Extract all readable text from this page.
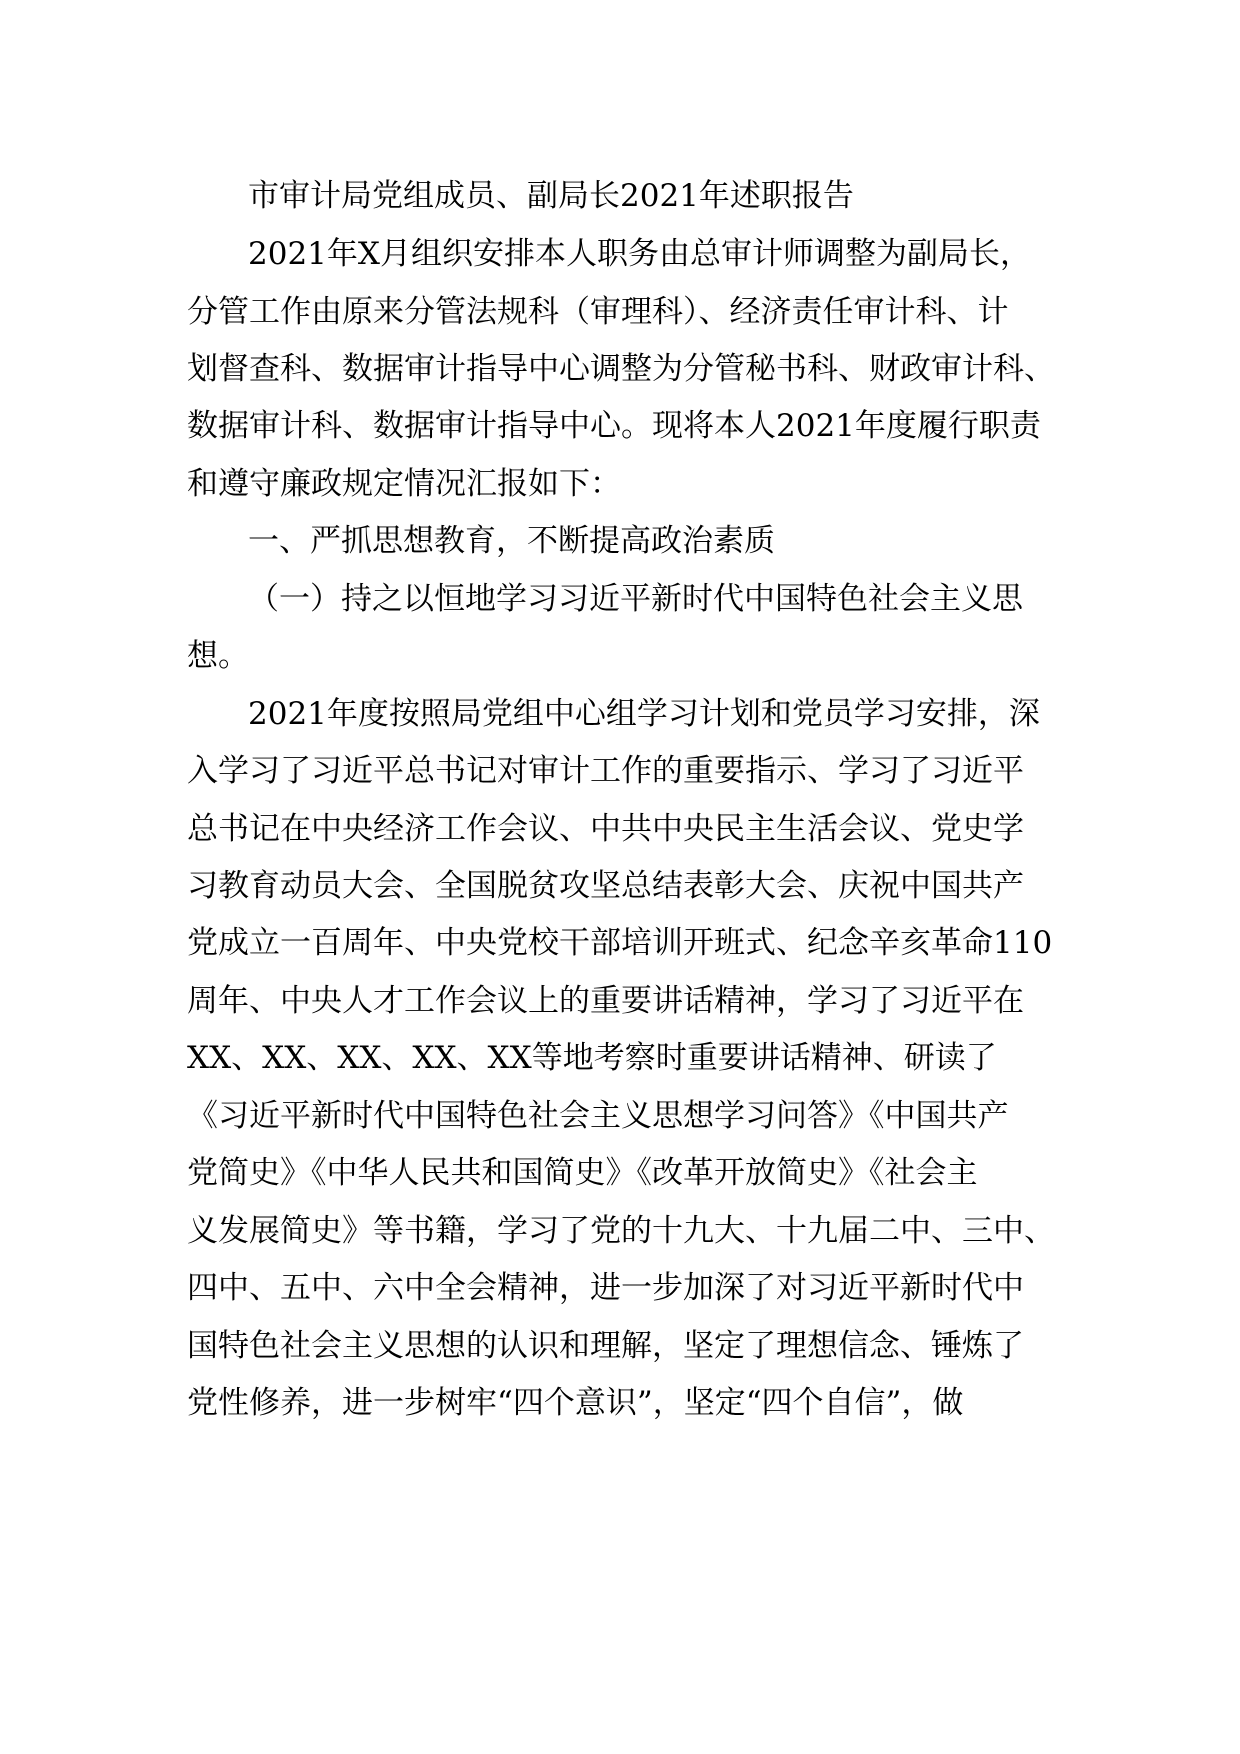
市审计局党组成员、副局长2021年述职报告
2021年X月组织安排本人职务由总审计师调整为副局长，
分管工作由原来分管法规科（审理科）、经济责任审计科、计
划督查科、数据审计指导中心调整为分管秘书科、财政审计科、
数据审计科、数据审计指导中心。现将本人2021年度履行职责
和遵守廉政规定情况汇报如下：
一、严抓思想教育，不断提高政治素质
（一）持之以恒地学习习近平新时代中国特色社会主义思
想。
2021年度按照局党组中心组学习计划和党员学习安排，深
入学习了习近平总书记对审计工作的重要指示、学习了习近平
总书记在中央经济工作会议、中共中央民主生活会议、党史学
习教育动员大会、全国脱贫攻坚总结表彰大会、庆祝中国共产
党成立一百周年、中央党校干部培训开班式、纪念辛亥革命110
周年、中央人才工作会议上的重要讲话精神，学习了习近平在
XX、XX、XX、XX、XX等地考察时重要讲话精神、研读了
《习近平新时代中国特色社会主义思想学习问答》《中国共产
党简史》《中华人民共和国简史》《改革开放简史》《社会主
义发展简史》等书籍，学习了党的十九大、十九届二中、三中、
四中、五中、六中全会精神，进一步加深了对习近平新时代中
国特色社会主义思想的认识和理解，坚定了理想信念、锤炼了
党性修养，进一步树牢“四个意识”，坚定“四个自信”，做
